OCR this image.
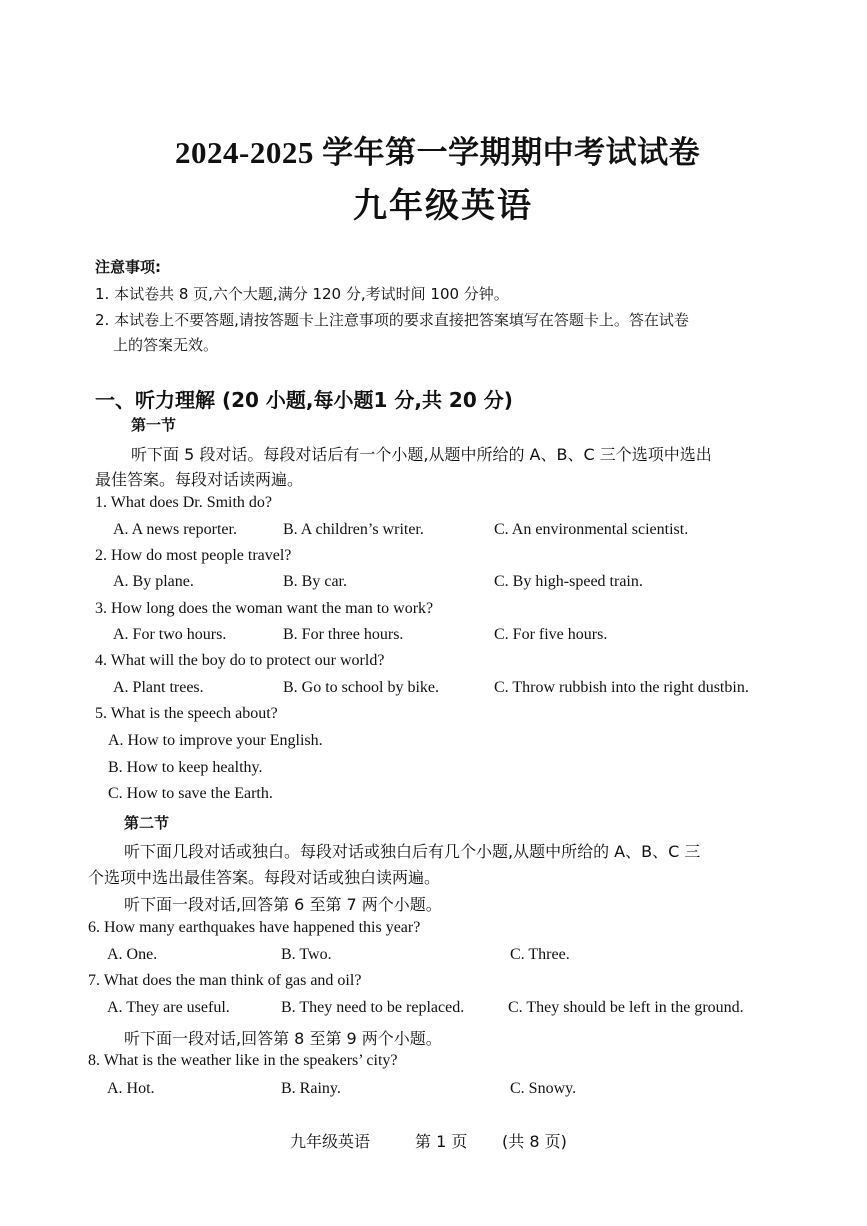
2024-2025 学年第一学期期中考试试卷
九年级英语
注意事项:
1. 本试卷共 8 页,六个大题,满分 120 分,考试时间 100 分钟。
2. 本试卷上不要答题,请按答题卡上注意事项的要求直接把答案填写在答题卡上。答在试卷
上的答案无效。
一、听力理解 (20 小题,每小题1 分,共 20 分)
第一节
听下面 5 段对话。每段对话后有一个小题,从题中所给的 A、B、C 三个选项中选出
最佳答案。每段对话读两遍。
1. What does Dr. Smith do?
A. A news reporter.	B. A children’s writer.	C. An environmental scientist.
2. How do most people travel?
A. By plane.	B. By car.	C. By high-speed train.
3. How long does the woman want the man to work?
A. For two hours.	B. For three hours.	C. For five hours.
4. What will the boy do to protect our world?
A. Plant trees.	B. Go to school by bike.	C. Throw rubbish into the right dustbin.
5. What is the speech about?
A. How to improve your English.
B. How to keep healthy.
C. How to save the Earth.
第二节
听下面几段对话或独白。每段对话或独白后有几个小题,从题中所给的 A、B、C 三
个选项中选出最佳答案。每段对话或独白读两遍。
听下面一段对话,回答第 6 至第 7 两个小题。
6. How many earthquakes have happened this year?
A. One.	B. Two.	C. Three.
7. What does the man think of gas and oil?
A. They are useful.	B. They need to be replaced.	C. They should be left in the ground.
听下面一段对话,回答第 8 至第 9 两个小题。
8. What is the weather like in the speakers’ city?
A. Hot.	B. Rainy.	C. Snowy.
九年级英语	第 1 页 (共 8 页)
